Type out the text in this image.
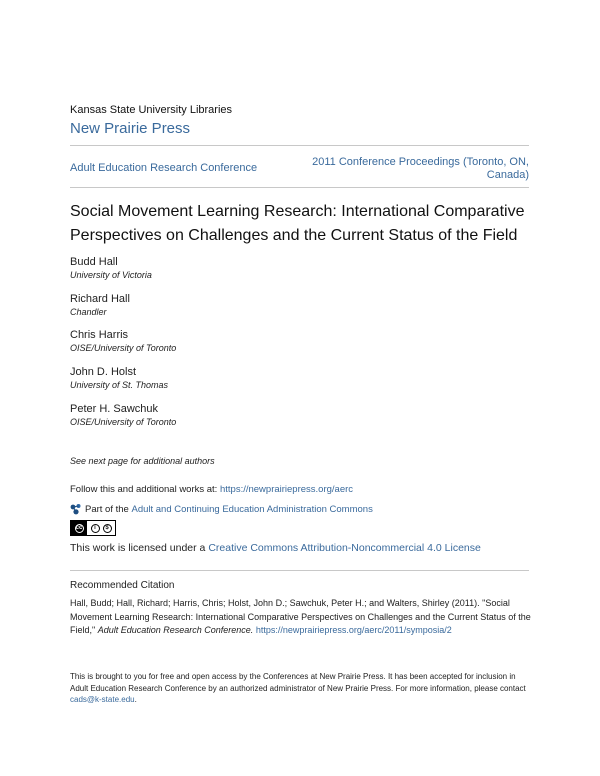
Kansas State University Libraries
New Prairie Press
Adult Education Research Conference	2011 Conference Proceedings (Toronto, ON, Canada)
Social Movement Learning Research: International Comparative Perspectives on Challenges and the Current Status of the Field
Budd Hall
University of Victoria
Richard Hall
Chandler
Chris Harris
OISE/University of Toronto
John D. Holst
University of St. Thomas
Peter H. Sawchuk
OISE/University of Toronto
See next page for additional authors
Follow this and additional works at: https://newprairiepress.org/aerc
Part of the
Adult and Continuing Education Administration Commons
cc	i	$
This work is licensed under a Creative Commons Attribution-Noncommercial 4.0 License
Recommended Citation
Hall, Budd; Hall, Richard; Harris, Chris; Holst, John D.; Sawchuk, Peter H.; and Walters, Shirley (2011). "Social Movement Learning Research: International Comparative Perspectives on Challenges and the Current Status of the Field," Adult Education Research Conference. https://newprairiepress.org/aerc/2011/symposia/2
This is brought to you for free and open access by the Conferences at New Prairie Press. It has been accepted for inclusion in Adult Education Research Conference by an authorized administrator of New Prairie Press. For more information, please contact cads@k-state.edu.
